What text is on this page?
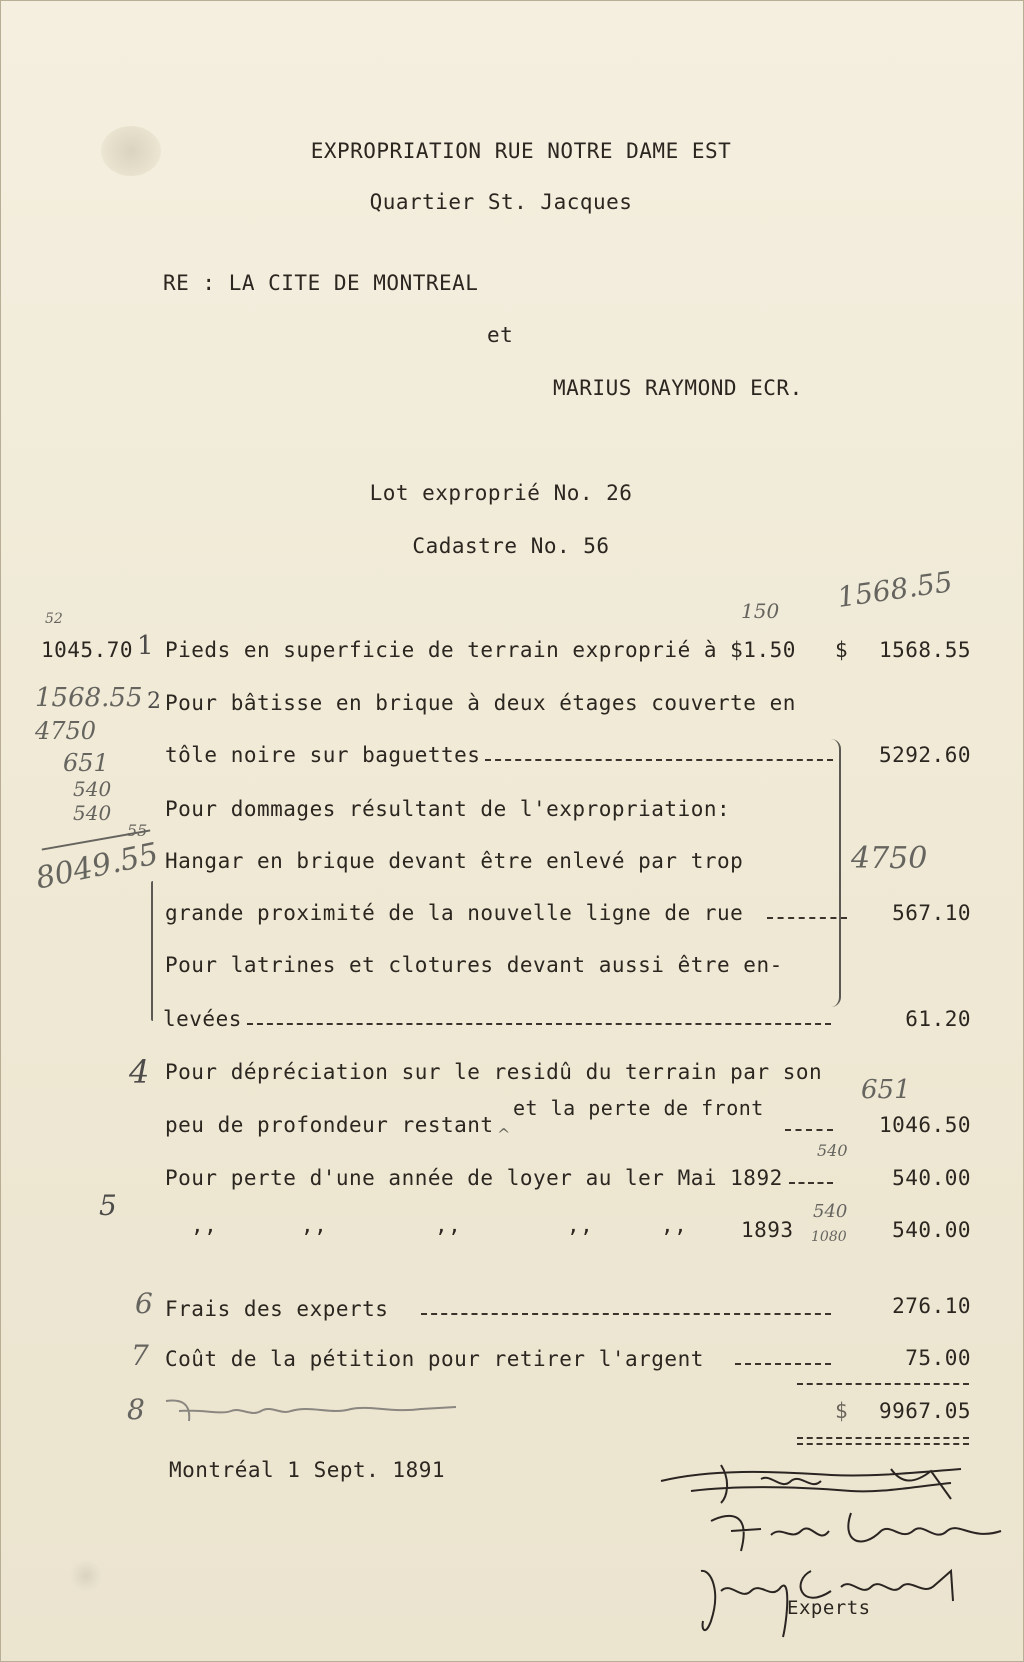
EXPROPRIATION RUE NOTRE DAME EST
Quartier St. Jacques
RE : LA CITE DE MONTREAL
et
MARIUS RAYMOND ECR.
Lot exproprié No. 26
Cadastre No. 56
1045.70 Pieds en superficie de terrain exproprié à $1.50 $	1568.55
Pour bâtisse en brique à deux étages couverte en
tôle noire sur baguettes	5292.60
Pour dommages résultant de l'expropriation:
Hangar en brique devant être enlevé par trop
grande proximité de la nouvelle ligne de rue	567.10
Pour latrines et clotures devant aussi être en-
levées	61.20
Pour dépréciation sur le residû du terrain par son
et la perte de front
peu de profondeur restant ^	1046.50
Pour perte d'une année de loyer au ler Mai 1892	540.00
,,	,,	,,	,,	,,	1893	540.00
Frais des experts	276.10
Coût de la pétition pour retirer l'argent	75.00
$	9967.05
Montréal 1 Sept. 1891
52
1
150 1568.55
1568.55 2
4750
651
540
540
8049.55
55
4750
4	651
5
540
540
1080
6
7
8
Experts
